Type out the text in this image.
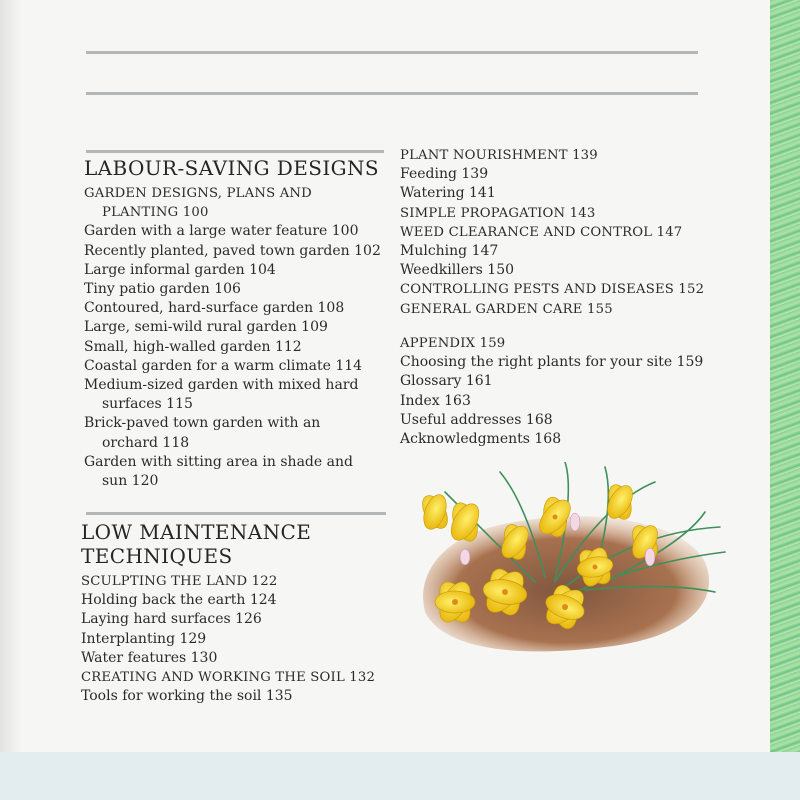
LABOUR-SAVING DESIGNS
GARDEN DESIGNS, PLANS AND
PLANTING 100
Garden with a large water feature 100
Recently planted, paved town garden 102
Large informal garden 104
Tiny patio garden 106
Contoured, hard-surface garden 108
Large, semi-wild rural garden 109
Small, high-walled garden 112
Coastal garden for a warm climate 114
Medium-sized garden with mixed hard
surfaces 115
Brick-paved town garden with an
orchard 118
Garden with sitting area in shade and
sun 120
LOW MAINTENANCE
TECHNIQUES
SCULPTING THE LAND 122
Holding back the earth 124
Laying hard surfaces 126
Interplanting 129
Water features 130
CREATING AND WORKING THE SOIL 132
Tools for working the soil 135
PLANT NOURISHMENT 139
Feeding 139
Watering 141
SIMPLE PROPAGATION 143
WEED CLEARANCE AND CONTROL 147
Mulching 147
Weedkillers 150
CONTROLLING PESTS AND DISEASES 152
GENERAL GARDEN CARE 155
APPENDIX 159
Choosing the right plants for your site 159
Glossary 161
Index 163
Useful addresses 168
Acknowledgments 168
